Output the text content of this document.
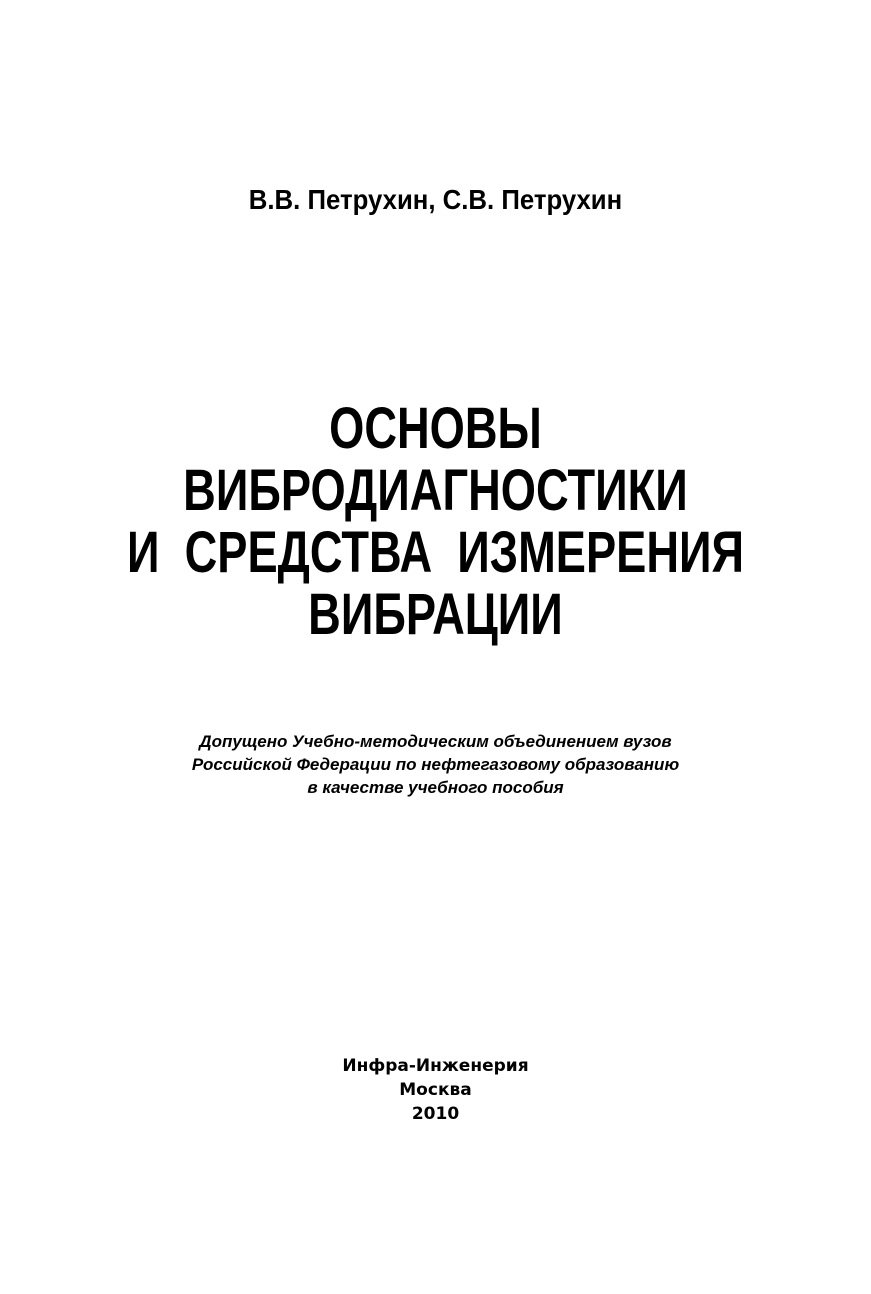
В.В. Петрухин, С.В. Петрухин
ОСНОВЫ
ВИБРОДИАГНОСТИКИ
И  СРЕДСТВА  ИЗМЕРЕНИЯ
ВИБРАЦИИ
Допущено Учебно-методическим объединением вузов
Российской Федерации по нефтегазовому образованию
в качестве учебного пособия
Инфра-Инженерия
Москва
2010
